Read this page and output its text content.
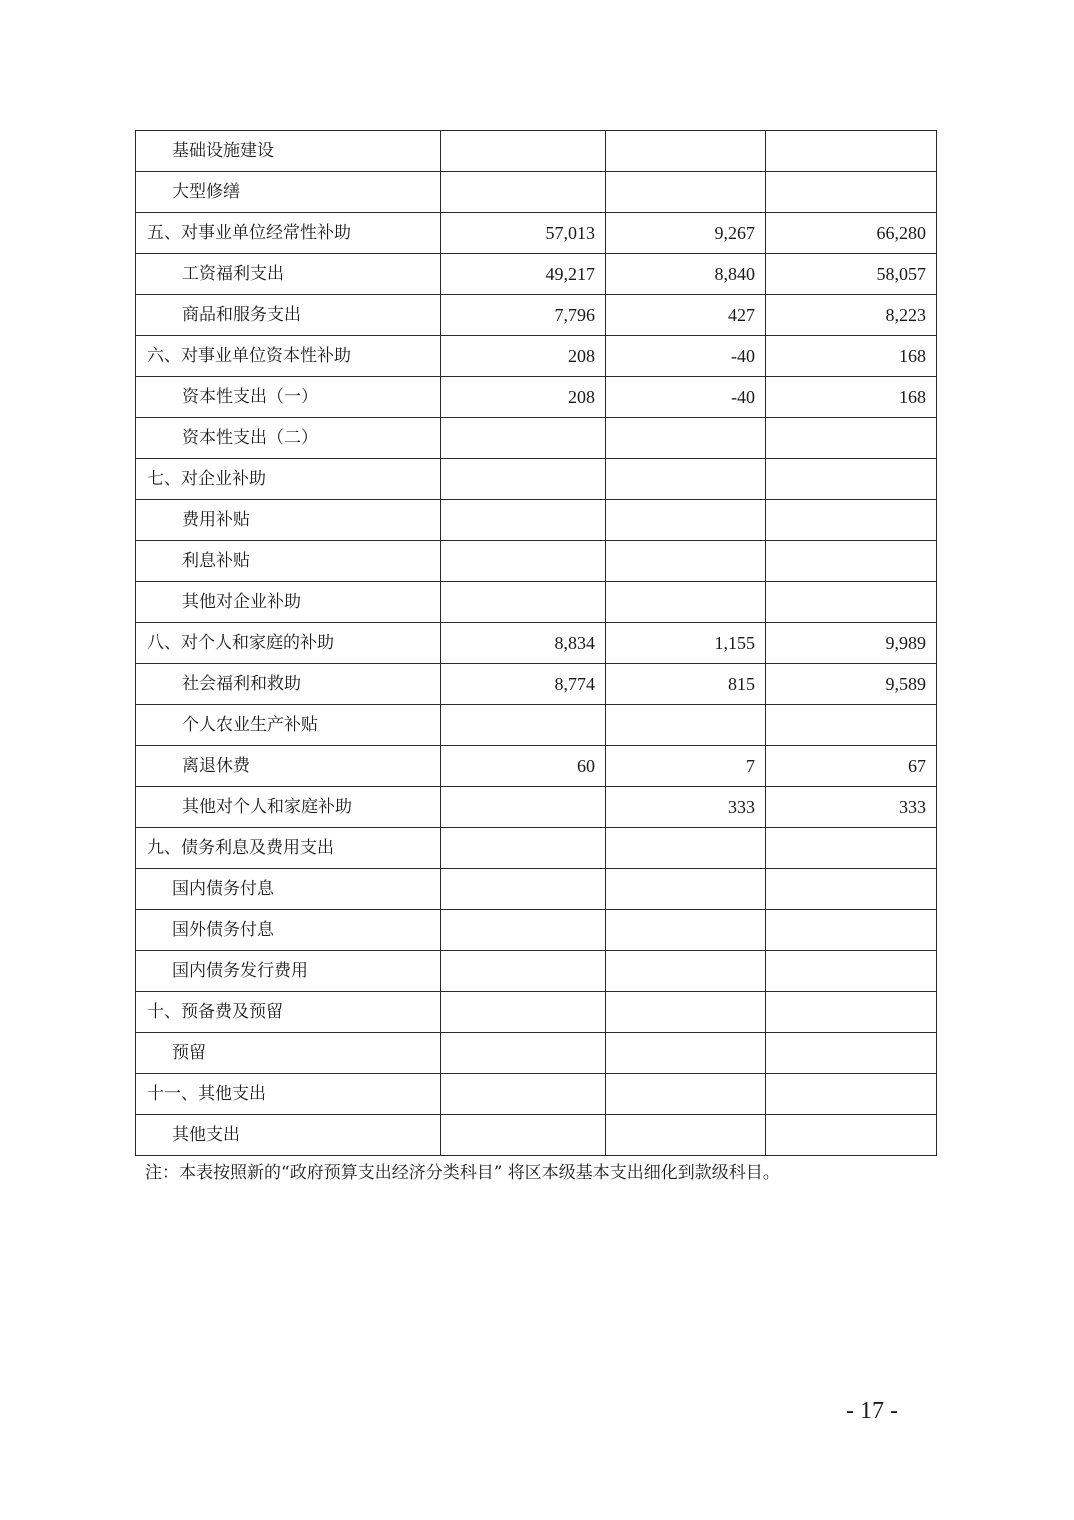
基础设施建设			
大型修缮			
五、对事业单位经常性补助	57,013	9,267	66,280
工资福利支出	49,217	8,840	58,057
商品和服务支出	7,796	427	8,223
六、对事业单位资本性补助	208	-40	168
资本性支出（一）	208	-40	168
资本性支出（二）			
七、对企业补助			
费用补贴			
利息补贴			
其他对企业补助			
八、对个人和家庭的补助	8,834	1,155	9,989
社会福利和救助	8,774	815	9,589
个人农业生产补贴			
离退休费	60	7	67
其他对个人和家庭补助		333	333
九、债务利息及费用支出			
国内债务付息			
国外债务付息			
国内债务发行费用			
十、预备费及预留			
预留			
十一、其他支出			
其他支出			
注：本表按照新的“政府预算支出经济分类科目” 将区本级基本支出细化到款级科目。
- 17 -
